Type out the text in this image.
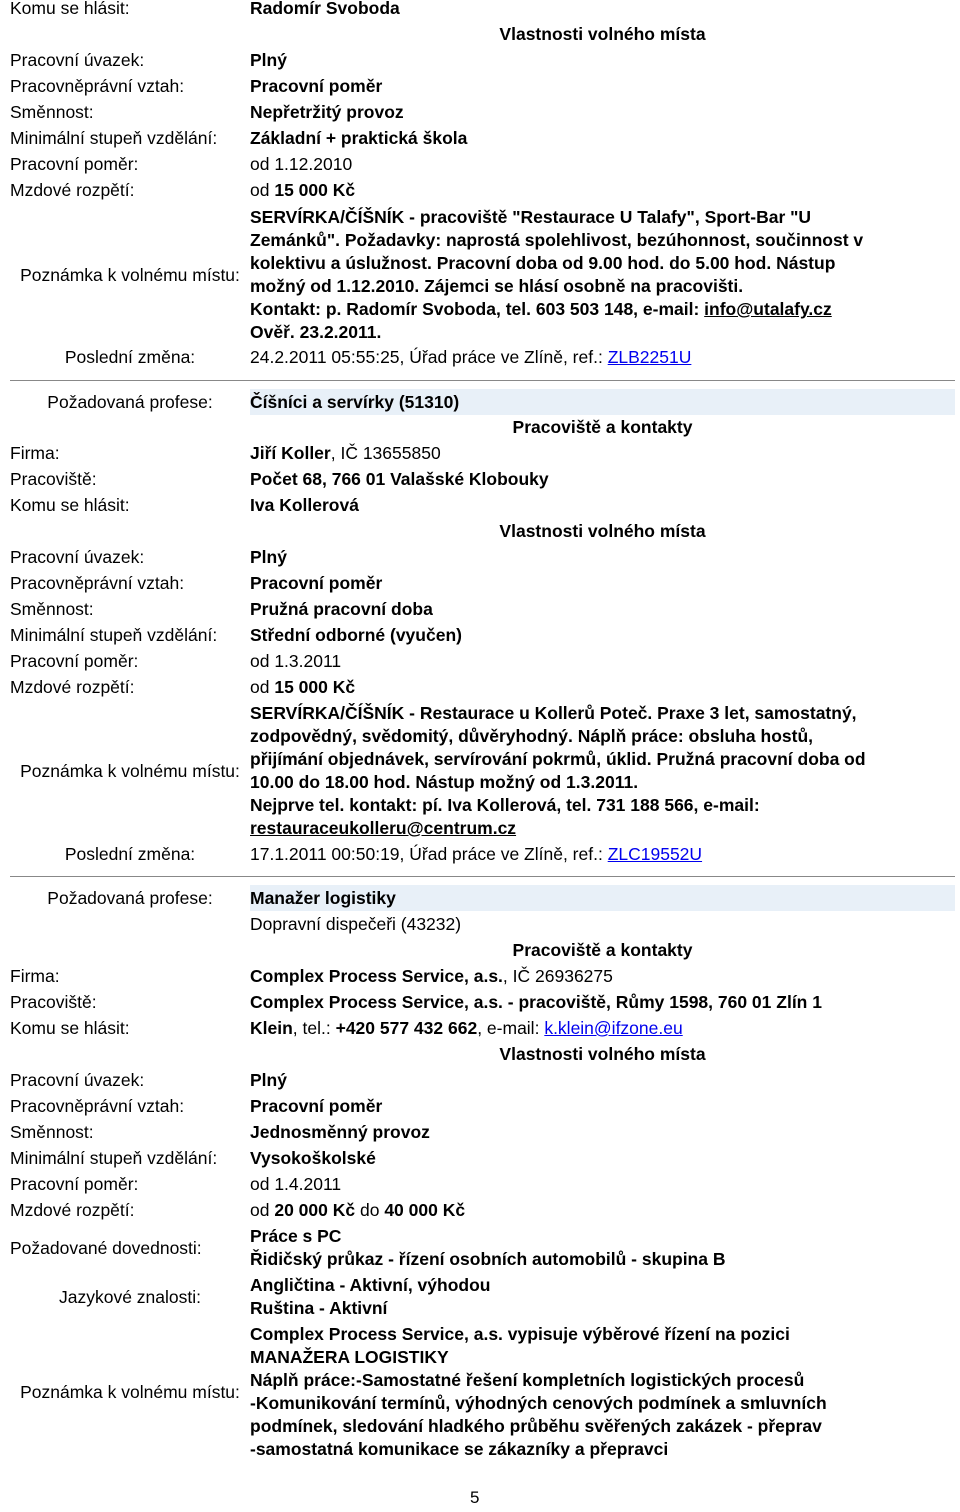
Komu se hlásit:	Radomír Svoboda
Vlastnosti volného místa
Pracovní úvazek:	Plný
Pracovněprávní vztah:	Pracovní poměr
Směnnost:	Nepřetržitý provoz
Minimální stupeň vzdělání:	Základní + praktická škola
Pracovní poměr:	od 1.12.2010
Mzdové rozpětí:	od 15 000 Kč
Poznámka k volnému místu:
SERVÍRKA/ČÍŠNÍK - pracoviště "Restaurace U Talafy", Sport-Bar "U
Zemánků". Požadavky: naprostá spolehlivost, bezúhonnost, součinnost v
kolektivu a úslužnost. Pracovní doba od 9.00 hod. do 5.00 hod. Nástup
možný od 1.12.2010. Zájemci se hlásí osobně na pracovišti.
Kontakt: p. Radomír Svoboda, tel. 603 503 148, e-mail: info@utalafy.cz
Ověř. 23.2.2011.
Poslední změna:	24.2.2011 05:55:25, Úřad práce ve Zlíně, ref.: ZLB2251U
Požadovaná profese:	Číšníci a servírky (51310)
Pracoviště a kontakty
Firma:	Jiří Koller, IČ 13655850
Pracoviště:	Počet 68, 766 01 Valašské Klobouky
Komu se hlásit:	Iva Kollerová
Vlastnosti volného místa
Pracovní úvazek:	Plný
Pracovněprávní vztah:	Pracovní poměr
Směnnost:	Pružná pracovní doba
Minimální stupeň vzdělání:	Střední odborné (vyučen)
Pracovní poměr:	od 1.3.2011
Mzdové rozpětí:	od 15 000 Kč
Poznámka k volnému místu:
SERVÍRKA/ČÍŠNÍK - Restaurace u Kollerů Poteč. Praxe 3 let, samostatný,
zodpovědný, svědomitý, důvěryhodný. Náplň práce: obsluha hostů,
přijímání objednávek, servírování pokrmů, úklid. Pružná pracovní doba od
10.00 do 18.00 hod. Nástup možný od 1.3.2011.
Nejprve tel. kontakt: pí. Iva Kollerová, tel. 731 188 566, e-mail:
restauraceukolleru@centrum.cz
Poslední změna:	17.1.2011 00:50:19, Úřad práce ve Zlíně, ref.: ZLC19552U
Požadovaná profese:	Manažer logistiky
Dopravní dispečeři (43232)
Pracoviště a kontakty
Firma:	Complex Process Service, a.s., IČ 26936275
Pracoviště:	Complex Process Service, a.s. - pracoviště, Růmy 1598, 760 01 Zlín 1
Komu se hlásit:	Klein, tel.: +420 577 432 662, e-mail: k.klein@ifzone.eu
Vlastnosti volného místa
Pracovní úvazek:	Plný
Pracovněprávní vztah:	Pracovní poměr
Směnnost:	Jednosměnný provoz
Minimální stupeň vzdělání:	Vysokoškolské
Pracovní poměr:	od 1.4.2011
Mzdové rozpětí:	od 20 000 Kč do 40 000 Kč
Požadované dovednosti:
Práce s PC
Řidičský průkaz - řízení osobních automobilů - skupina B
Jazykové znalosti:
Angličtina - Aktivní, výhodou
Ruština - Aktivní
Poznámka k volnému místu:
Complex Process Service, a.s. vypisuje výběrové řízení na pozici
MANAŽERA LOGISTIKY
Náplň práce:-Samostatné řešení kompletních logistických procesů
-Komunikování termínů, výhodných cenových podmínek a smluvních
podmínek, sledování hladkého průběhu svěřených zakázek - přeprav
-samostatná komunikace se zákazníky a přepravci
5
